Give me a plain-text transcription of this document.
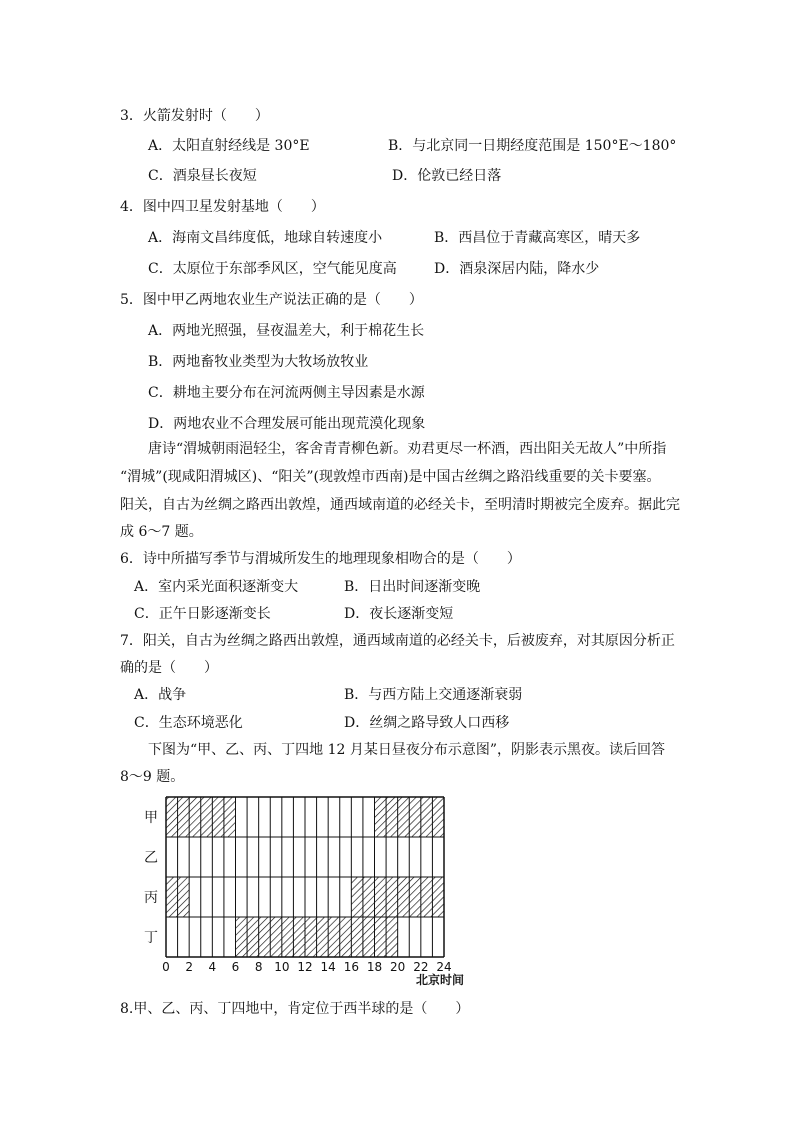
3．火箭发射时（　　）
A．太阳直射经线是 30°E	B．与北京同一日期经度范围是 150°E～180°
C．酒泉昼长夜短	D．伦敦已经日落
4．图中四卫星发射基地（　　）
A．海南文昌纬度低，地球自转速度小	B．西昌位于青藏高寒区，晴天多
C．太原位于东部季风区，空气能见度高	D．酒泉深居内陆，降水少
5．图中甲乙两地农业生产说法正确的是（　　）
A．两地光照强，昼夜温差大，利于棉花生长
B．两地畜牧业类型为大牧场放牧业
C．耕地主要分布在河流两侧主导因素是水源
D．两地农业不合理发展可能出现荒漠化现象
唐诗“渭城朝雨浥轻尘，客舍青青柳色新。劝君更尽一杯酒，西出阳关无故人”中所指
“渭城”(现咸阳渭城区)、“阳关”(现敦煌市西南)是中国古丝绸之路沿线重要的关卡要塞。
阳关，自古为丝绸之路西出敦煌，通西域南道的必经关卡，至明清时期被完全废弃。据此完
成 6～7 题。
6．诗中所描写季节与渭城所发生的地理现象相吻合的是（　　）
A．室内采光面积逐渐变大	B．日出时间逐渐变晚
C．正午日影逐渐变长	D．夜长逐渐变短
7．阳关，自古为丝绸之路西出敦煌，通西域南道的必经关卡，后被废弃，对其原因分析正
确的是（　　）
A．战争	B．与西方陆上交通逐渐衰弱
C．生态环境恶化	D．丝绸之路导致人口西移
下图为“甲、乙、丙、丁四地 12 月某日昼夜分布示意图”，阴影表示黑夜。读后回答
8～9 题。
甲
乙
丙
丁
0 2 4 6 8 10 12 14 16 18 20 22 24
北京时间
8.甲、乙、丙、丁四地中，肯定位于西半球的是（　　）
